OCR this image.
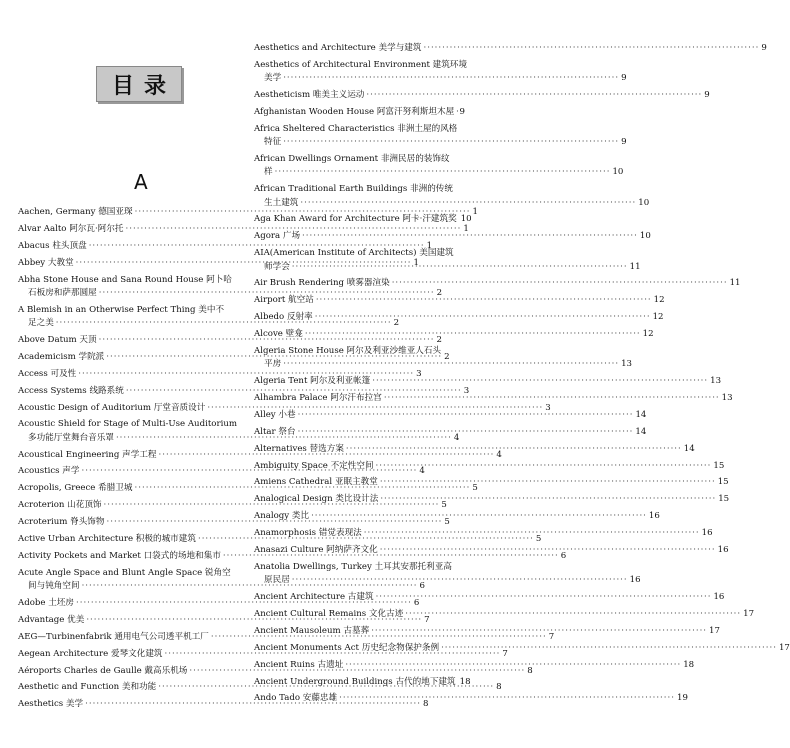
目录
A
Aachen, Germany 德国亚琛 ·····	1
Alvar Aalto 阿尔瓦·阿尔托 ·····	1
Abacus 柱头顶盘 ·····	1
Abbey 大教堂 ·····	1
Abha Stone House and Sana Round House 阿卜哈
石板房和萨那圆屋 ·····	2
A Blemish in an Otherwise Perfect Thing 美中不
足之美 ·····	2
Above Datum 天顶 ·····	2
Academicism 学院派 ·····	2
Access 可及性 ·····	3
Access Systems 线路系统 ·····	3
Acoustic Design of Auditorium 厅堂音质设计 ·····	3
Acoustic Shield for Stage of Multi-Use Auditorium
多功能厅堂舞台音乐罩 ·····	4
Acoustical Engineering 声学工程 ·····	4
Acoustics 声学 ·····	4
Acropolis, Greece 希腊卫城 ·····	5
Acroterion 山花顶饰 ·····	5
Acroterium 脊头饰物 ·····	5
Active Urban Architecture 积极的城市建筑 ·····	5
Activity Pockets and Market 口袋式的场地和集市 ·····	6
Acute Angle Space and Blunt Angle Space 锐角空
间与钝角空间 ·····	6
Adobe 土坯房 ·····	6
Advantage 优美 ·····	7
AEG—Turbinenfabrik 通用电气公司透平机工厂 ·····	7
Aegean Architecture 爱琴文化建筑 ·····	7
Aéroports Charles de Gaulle 戴高乐机场 ·····	8
Aesthetic and Function 美和功能 ·····	8
Aesthetics 美学 ·····	8
Aesthetics and Architecture 美学与建筑 ·····	9
Aesthetics of Architectural Environment 建筑环境
美学 ·····	9
Aestheticism 唯美主义运动 ·····	9
Afghanistan Wooden House 阿富汗努利斯坦木屋 ····· 9
Africa Sheltered Characteristics 非洲土屋的风格
特征 ·····	9
African Dwellings Ornament 非洲民居的装饰纹
样 ·····	10
African Traditional Earth Buildings 非洲的传统
生土建筑 ·····	10
Aga Khan Award for Architecture 阿卡·汗建筑奖 10
Agora 广场 ·····	10
AIA(American Institute of Architects) 美国建筑
师学会 ·····	11
Air Brush Rendering 喷雾器渲染 ·····	11
Airport 航空站 ·····	12
Albedo 反射率 ·····	12
Alcove 壁龛 ·····	12
Algeria Stone House 阿尔及利亚沙维亚人石头
平房 ·····	13
Algeria Tent 阿尔及利亚帐篷 ·····	13
Alhambra Palace 阿尔汗布拉宫 ·····	13
Alley 小巷 ·····	14
Altar 祭台 ·····	14
Alternatives 替选方案 ·····	14
Ambiguity Space 不定性空间 ·····	15
Amiens Cathedral 亚眠主教堂 ·····	15
Analogical Design 类比设计法 ·····	15
Analogy 类比 ·····	16
Anamorphosis 错觉表现法 ·····	16
Anasazi Culture 阿纳萨齐文化 ·····	16
Anatolia Dwellings, Turkey 土耳其安那托利亚高
原民居 ·····	16
Ancient Architecture 古建筑 ·····	16
Ancient Cultural Remains 文化古迹 ·····	17
Ancient Mausoleum 古墓葬 ·····	17
Ancient Monuments Act 历史纪念物保护条例 ·····	17
Ancient Ruins 古遗址 ·····	18
Ancient Underground Buildings 古代的地下建筑 18
Ando Tado 安藤忠雄 ·····	19
